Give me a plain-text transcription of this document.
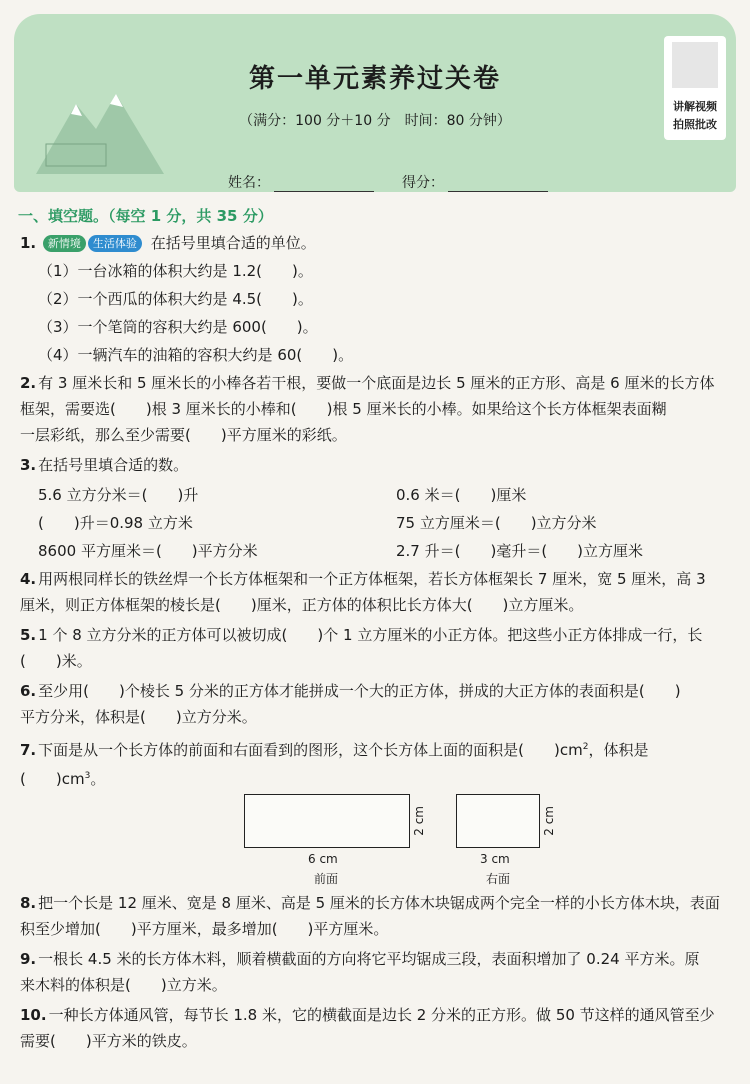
第一单元素养过关卷
（满分：100 分＋10 分　时间：80 分钟）
讲解视频
拍照批改
姓名：	得分：
一、填空题。（每空 1 分，共 35 分）
1. 新情境 生活体验 在括号里填合适的单位。
（1）一台冰箱的体积大约是 1.2(　　)。
（2）一个西瓜的体积大约是 4.5(　　)。
（3）一个笔筒的容积大约是 600(　　)。
（4）一辆汽车的油箱的容积大约是 60(　　)。
2. 有 3 厘米长和 5 厘米长的小棒各若干根，要做一个底面是边长 5 厘米的正方形、高是 6 厘米的长方体
框架，需要选(　　)根 3 厘米长的小棒和(　　)根 5 厘米长的小棒。如果给这个长方体框架表面糊
一层彩纸，那么至少需要(　　)平方厘米的彩纸。
3. 在括号里填合适的数。
5.6 立方分米＝(　　)升
(　　)升＝0.98 立方米
8600 平方厘米＝(　　)平方分米
0.6 米＝(　　)厘米
75 立方厘米＝(　　)立方分米
2.7 升＝(　　)毫升＝(　　)立方厘米
4. 用两根同样长的铁丝焊一个长方体框架和一个正方体框架，若长方体框架长 7 厘米，宽 5 厘米，高 3
厘米，则正方体框架的棱长是(　　)厘米，正方体的体积比长方体大(　　)立方厘米。
5. 1 个 8 立方分米的正方体可以被切成(　　)个 1 立方厘米的小正方体。把这些小正方体排成一行，长
(　　)米。
6. 至少用(　　)个棱长 5 分米的正方体才能拼成一个大的正方体，拼成的大正方体的表面积是(　　)
平方分米，体积是(　　)立方分米。
7. 下面是从一个长方体的前面和右面看到的图形，这个长方体上面的面积是(　　)$cm^2$，体积是
(　　)$cm^3$。
2 cm
6 cm
前面
2 cm
3 cm
右面
8. 把一个长是 12 厘米、宽是 8 厘米、高是 5 厘米的长方体木块锯成两个完全一样的小长方体木块，表面
积至少增加(　　)平方厘米，最多增加(　　)平方厘米。
9. 一根长 4.5 米的长方体木料，顺着横截面的方向将它平均锯成三段，表面积增加了 0.24 平方米。原
来木料的体积是(　　)立方米。
10. 一种长方体通风管，每节长 1.8 米，它的横截面是边长 2 分米的正方形。做 50 节这样的通风管至少
需要(　　)平方米的铁皮。
